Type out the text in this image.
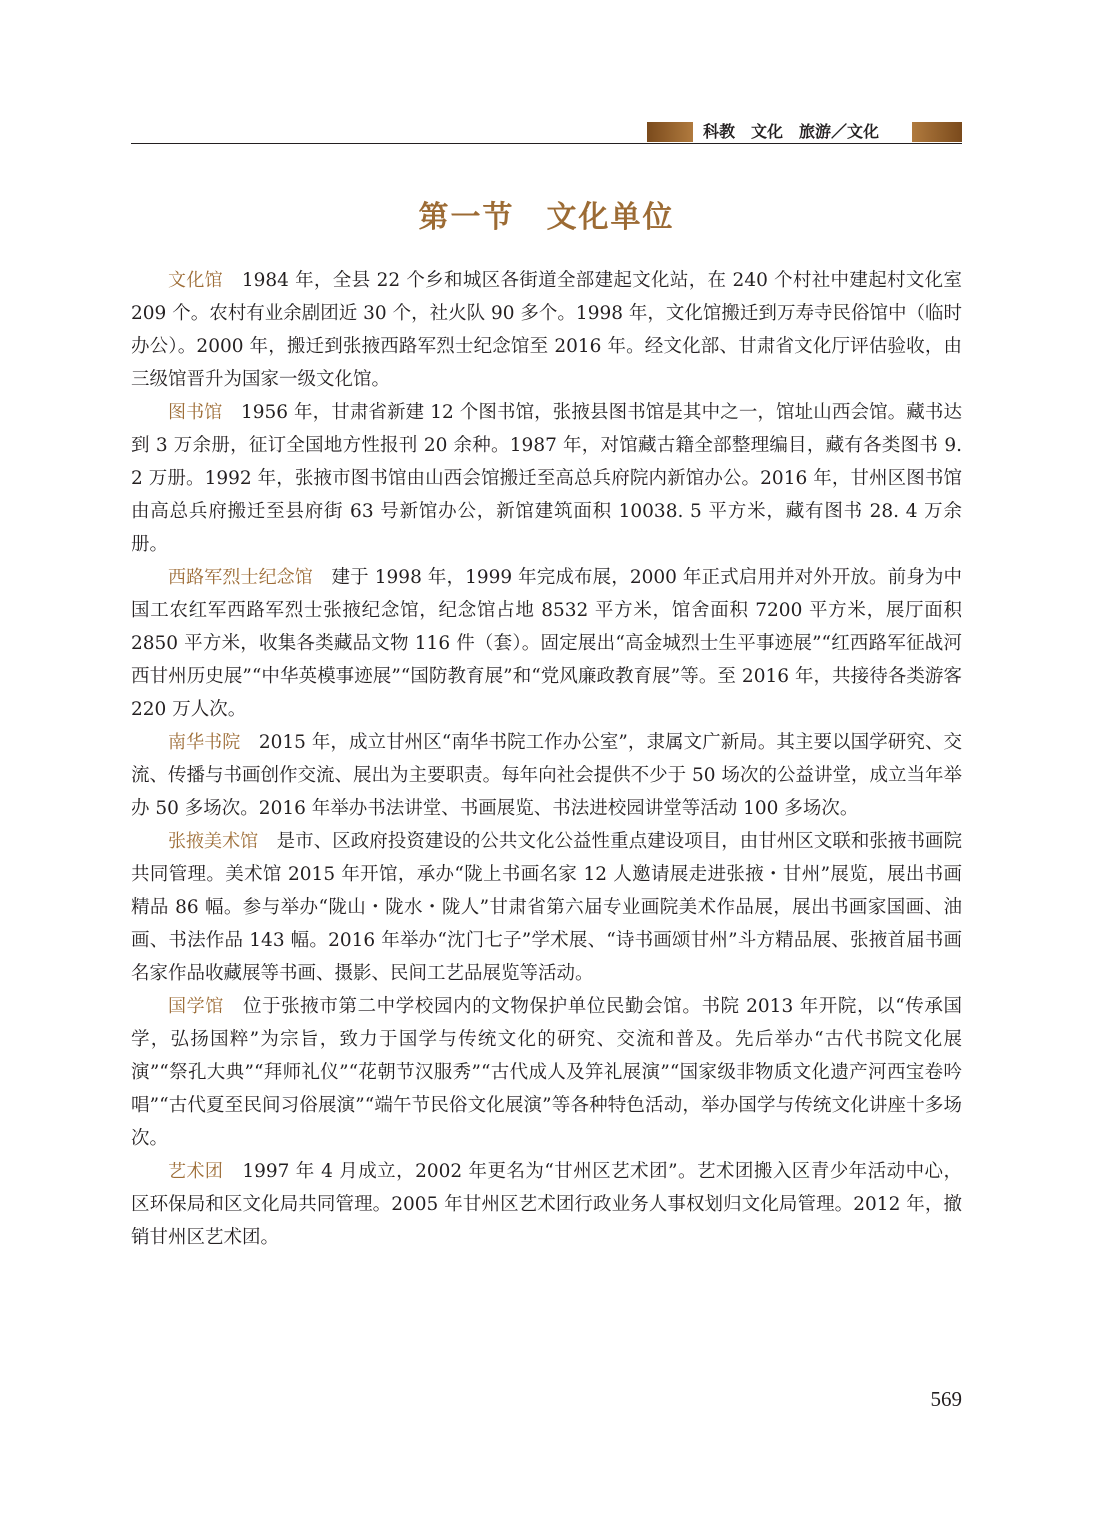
科教　文化　旅游／文化
第一节　文化单位

文化馆　 1984 年，全县 22 个乡和城区各街道全部建起文化站，在 240 个村社中建起村文化室 209 个。农村有业余剧团近 30 个，社火队 90 多个。1998 年，文化馆搬迁到万寿寺民俗馆中（临时办公）。2000 年，搬迁到张掖西路军烈士纪念馆至 2016 年。经文化部、甘肃省文化厅评估验收，由三级馆晋升为国家一级文化馆。

图书馆　 1956 年，甘肃省新建 12 个图书馆，张掖县图书馆是其中之一，馆址山西会馆。藏书达到 3 万余册，征订全国地方性报刊 20 余种。1987 年，对馆藏古籍全部整理编目，藏有各类图书 9. 2 万册。1992 年，张掖市图书馆由山西会馆搬迁至高总兵府院内新馆办公。2016 年，甘州区图书馆由高总兵府搬迁至县府街 63 号新馆办公，新馆建筑面积 10038. 5 平方米，藏有图书 28. 4 万余册。

西路军烈士纪念馆　 建于 1998 年，1999 年完成布展，2000 年正式启用并对外开放。前身为中国工农红军西路军烈士张掖纪念馆，纪念馆占地 8532 平方米，馆舍面积 7200 平方米，展厅面积 2850 平方米，收集各类藏品文物 116 件（套）。固定展出“高金城烈士生平事迹展”“红西路军征战河西甘州历史展”“中华英模事迹展”“国防教育展”和“党风廉政教育展”等。至 2016 年，共接待各类游客 220 万人次。

南华书院　 2015 年，成立甘州区“南华书院工作办公室”，隶属文广新局。其主要以国学研究、交流、传播与书画创作交流、展出为主要职责。每年向社会提供不少于 50 场次的公益讲堂，成立当年举办 50 多场次。2016 年举办书法讲堂、书画展览、书法进校园讲堂等活动 100 多场次。

张掖美术馆　 是市、区政府投资建设的公共文化公益性重点建设项目，由甘州区文联和张掖书画院共同管理。美术馆 2015 年开馆，承办“陇上书画名家 12 人邀请展走进张掖・甘州”展览，展出书画精品 86 幅。参与举办“陇山・陇水・陇人”甘肃省第六届专业画院美术作品展，展出书画家国画、油画、书法作品 143 幅。2016 年举办“沈门七子”学术展、“诗书画颂甘州”斗方精品展、张掖首届书画名家作品收藏展等书画、摄影、民间工艺品展览等活动。

国学馆　 位于张掖市第二中学校园内的文物保护单位民勤会馆。书院 2013 年开院，以“传承国学，弘扬国粹”为宗旨，致力于国学与传统文化的研究、交流和普及。先后举办“古代书院文化展演”“祭孔大典”“拜师礼仪”“花朝节汉服秀”“古代成人及笄礼展演”“国家级非物质文化遗产河西宝卷吟唱”“古代夏至民间习俗展演”“端午节民俗文化展演”等各种特色活动，举办国学与传统文化讲座十多场次。

艺术团　 1997 年 4 月成立，2002 年更名为“甘州区艺术团”。艺术团搬入区青少年活动中心，区环保局和区文化局共同管理。2005 年甘州区艺术团行政业务人事权划归文化局管理。2012 年，撤销甘州区艺术团。

569
